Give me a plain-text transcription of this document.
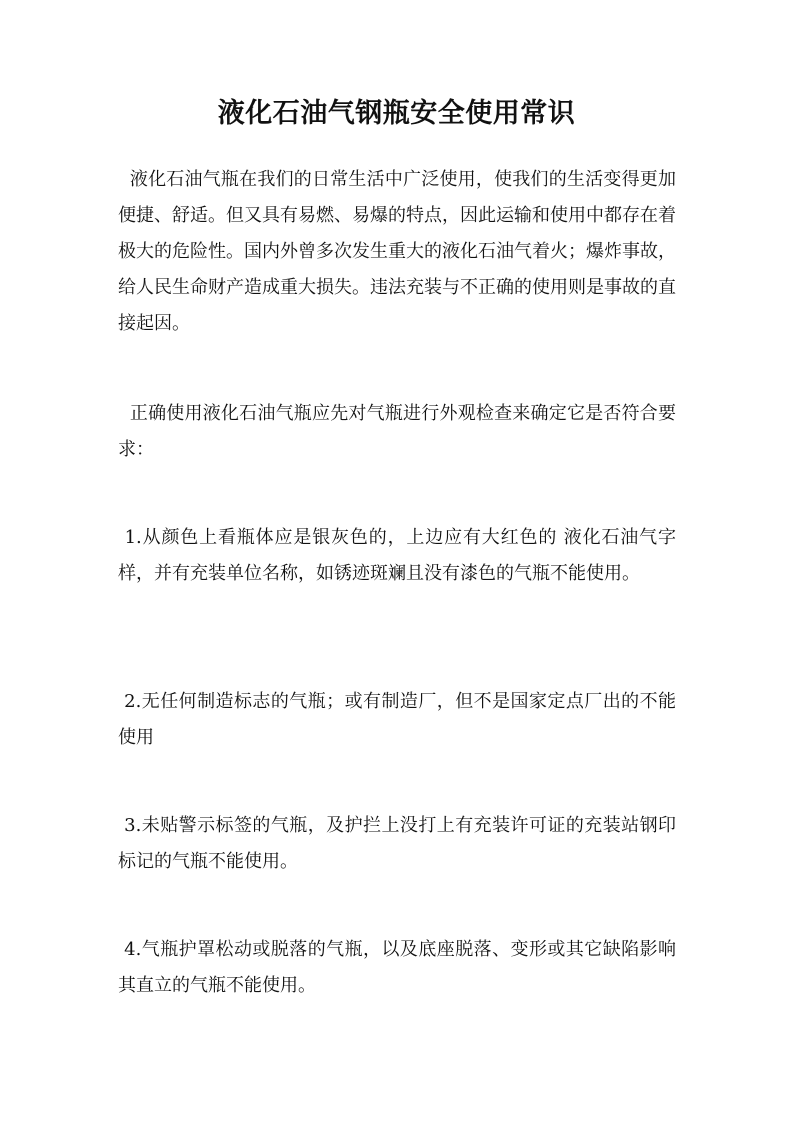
液化石油气钢瓶安全使用常识

液化石油气瓶在我们的日常生活中广泛使用，使我们的生活变得更加便捷、舒适。但又具有易燃、易爆的特点，因此运输和使用中都存在着极大的危险性。国内外曾多次发生重大的液化石油气着火；爆炸事故，给人民生命财产造成重大损失。违法充装与不正确的使用则是事故的直接起因。

正确使用液化石油气瓶应先对气瓶进行外观检查来确定它是否符合要求：

1.从颜色上看瓶体应是银灰色的，上边应有大红色的 液化石油气字样，并有充装单位名称，如锈迹斑斓且没有漆色的气瓶不能使用。

2.无任何制造标志的气瓶；或有制造厂，但不是国家定点厂出的不能使用

3.未贴警示标签的气瓶，及护拦上没打上有充装许可证的充装站钢印标记的气瓶不能使用。

4.气瓶护罩松动或脱落的气瓶，以及底座脱落、变形或其它缺陷影响其直立的气瓶不能使用。
